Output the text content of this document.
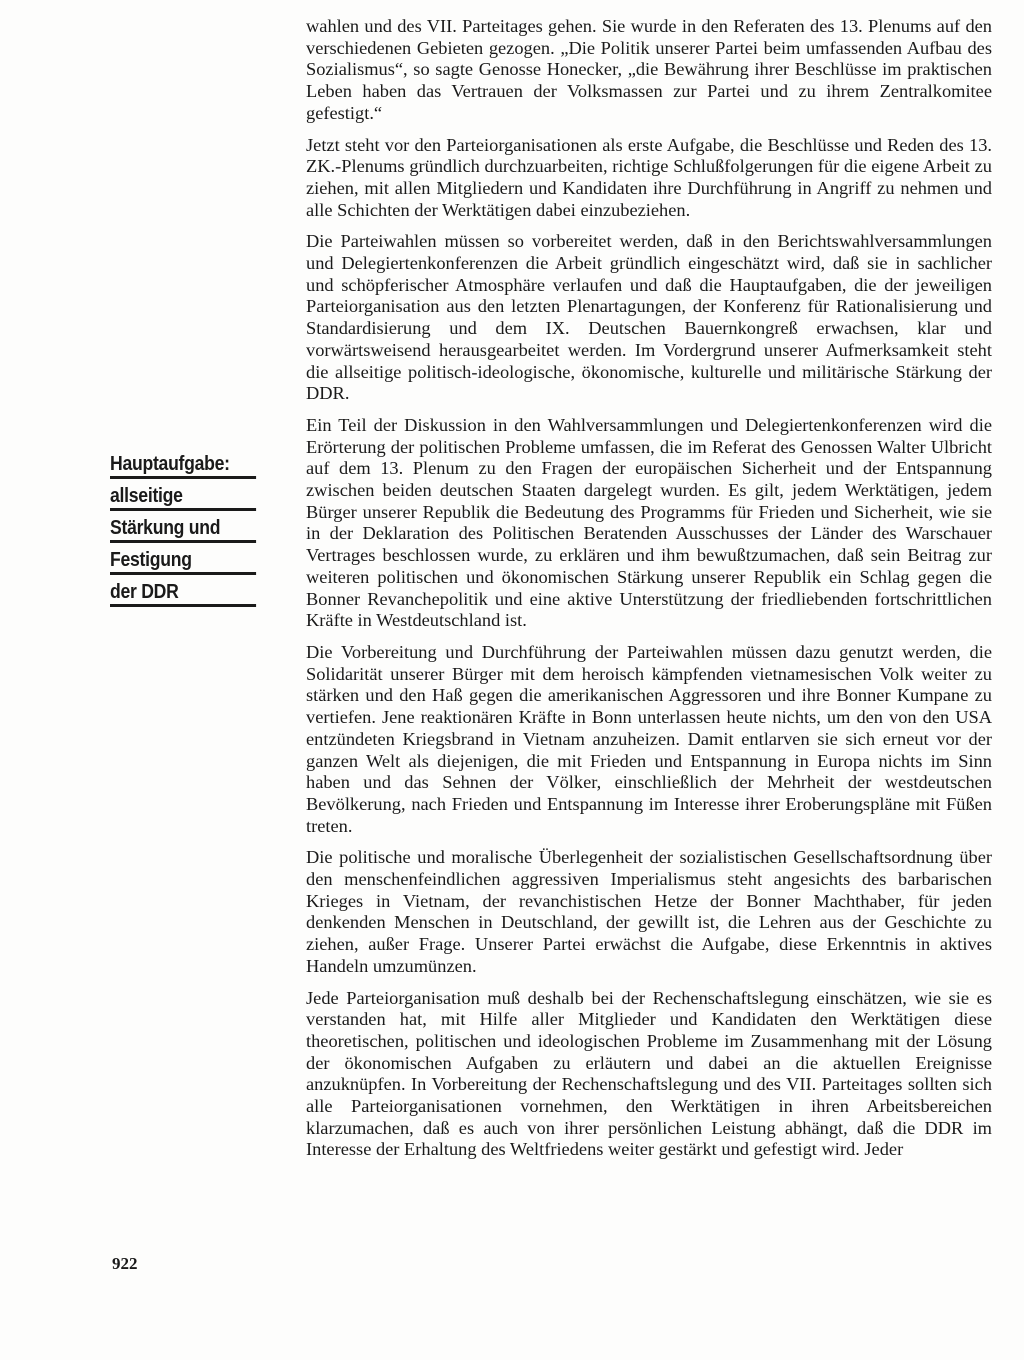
Hauptaufgabe:
allseitige
Stärkung und
Festigung
der DDR

wahlen und des VII. Parteitages gehen. Sie wurde in den Referaten des 13. Plenums auf den verschiedenen Gebieten gezogen. „Die Politik unserer Partei beim umfassenden Aufbau des Sozialismus“, so sagte Genosse Honecker, „die Bewährung ihrer Beschlüsse im praktischen Leben haben das Vertrauen der Volksmassen zur Partei und zu ihrem Zentralkomitee gefestigt.“

Jetzt steht vor den Parteiorganisationen als erste Aufgabe, die Beschlüsse und Reden des 13. ZK.-Plenums gründlich durchzuarbeiten, richtige Schlußfolgerungen für die eigene Arbeit zu ziehen, mit allen Mitgliedern und Kandidaten ihre Durchführung in Angriff zu nehmen und alle Schichten der Werktätigen dabei einzubeziehen.

Die Parteiwahlen müssen so vorbereitet werden, daß in den Berichtswahlversammlungen und Delegiertenkonferenzen die Arbeit gründlich eingeschätzt wird, daß sie in sachlicher und schöpferischer Atmosphäre verlaufen und daß die Hauptaufgaben, die der jeweiligen Parteiorganisation aus den letzten Plenartagungen, der Konferenz für Rationalisierung und Standardisierung und dem IX. Deutschen Bauernkongreß erwachsen, klar und vorwärtsweisend herausgearbeitet werden. Im Vordergrund unserer Aufmerksamkeit steht die allseitige politisch-ideologische, ökonomische, kulturelle und militärische Stärkung der DDR.

Ein Teil der Diskussion in den Wahlversammlungen und Delegiertenkonferenzen wird die Erörterung der politischen Probleme umfassen, die im Referat des Genossen Walter Ulbricht auf dem 13. Plenum zu den Fragen der europäischen Sicherheit und der Entspannung zwischen beiden deutschen Staaten dargelegt wurden. Es gilt, jedem Werktätigen, jedem Bürger unserer Republik die Bedeutung des Programms für Frieden und Sicherheit, wie sie in der Deklaration des Politischen Beratenden Ausschusses der Länder des Warschauer Vertrages beschlossen wurde, zu erklären und ihm bewußtzumachen, daß sein Beitrag zur weiteren politischen und ökonomischen Stärkung unserer Republik ein Schlag gegen die Bonner Revanchepolitik und eine aktive Unterstützung der friedliebenden fortschrittlichen Kräfte in Westdeutschland ist.

Die Vorbereitung und Durchführung der Parteiwahlen müssen dazu genutzt werden, die Solidarität unserer Bürger mit dem heroisch kämpfenden vietnamesischen Volk weiter zu stärken und den Haß gegen die amerikanischen Aggressoren und ihre Bonner Kumpane zu vertiefen. Jene reaktionären Kräfte in Bonn unterlassen heute nichts, um den von den USA entzündeten Kriegsbrand in Vietnam anzuheizen. Damit entlarven sie sich erneut vor der ganzen Welt als diejenigen, die mit Frieden und Entspannung in Europa nichts im Sinn haben und das Sehnen der Völker, einschließlich der Mehrheit der westdeutschen Bevölkerung, nach Frieden und Entspannung im Interesse ihrer Eroberungspläne mit Füßen treten.

Die politische und moralische Überlegenheit der sozialistischen Gesellschaftsordnung über den menschenfeindlichen aggressiven Imperialismus steht angesichts des barbarischen Krieges in Vietnam, der revanchistischen Hetze der Bonner Machthaber, für jeden denkenden Menschen in Deutschland, der gewillt ist, die Lehren aus der Geschichte zu ziehen, außer Frage. Unserer Partei erwächst die Aufgabe, diese Erkenntnis in aktives Handeln umzumünzen.

Jede Parteiorganisation muß deshalb bei der Rechenschaftslegung einschätzen, wie sie es verstanden hat, mit Hilfe aller Mitglieder und Kandidaten den Werktätigen diese theoretischen, politischen und ideologischen Probleme im Zusammenhang mit der Lösung der ökonomischen Aufgaben zu erläutern und dabei an die aktuellen Ereignisse anzuknüpfen. In Vorbereitung der Rechenschaftslegung und des VII. Parteitages sollten sich alle Parteiorganisationen vornehmen, den Werktätigen in ihren Arbeitsbereichen klarzumachen, daß es auch von ihrer persönlichen Leistung abhängt, daß die DDR im Interesse der Erhaltung des Weltfriedens weiter gestärkt und gefestigt wird. Jeder

922
